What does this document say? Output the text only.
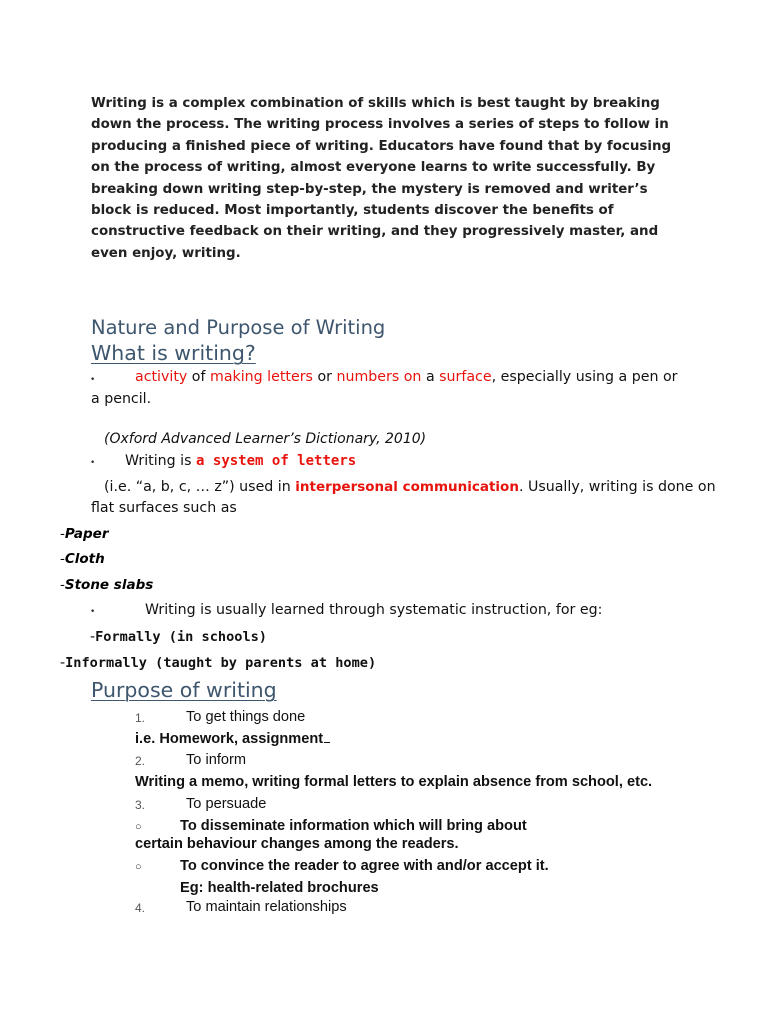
Writing is a complex combination of skills which is best taught by breaking
down the process. The writing process involves a series of steps to follow in
producing a finished piece of writing. Educators have found that by focusing
on the process of writing, almost everyone learns to write successfully. By
breaking down writing step-by-step, the mystery is removed and writer’s
block is reduced. Most importantly, students discover the benefits of
constructive feedback on their writing, and they progressively master, and
even enjoy, writing.
Nature and Purpose of Writing
What is writing?
•	activity of making letters or numbers on a surface, especially using a pen or
a pencil.
(Oxford Advanced Learner’s Dictionary, 2010)
• Writing is a system of letters
(i.e. “a, b, c, … z”) used in interpersonal communication. Usually, writing is done on
flat surfaces such as
-Paper
-Cloth
-Stone slabs
•	Writing is usually learned through systematic instruction, for eg:
-Formally (in schools)
-Informally (taught by parents at home)
Purpose of writing
1.	To get things done
i.e. Homework, assignment
2.	To inform
Writing a memo, writing formal letters to explain absence from school, etc.
3.	To persuade
○	To disseminate information which will bring about
certain behaviour changes among the readers.
○	To convince the reader to agree with and/or accept it.
Eg: health-related brochures
4.	To maintain relationships
